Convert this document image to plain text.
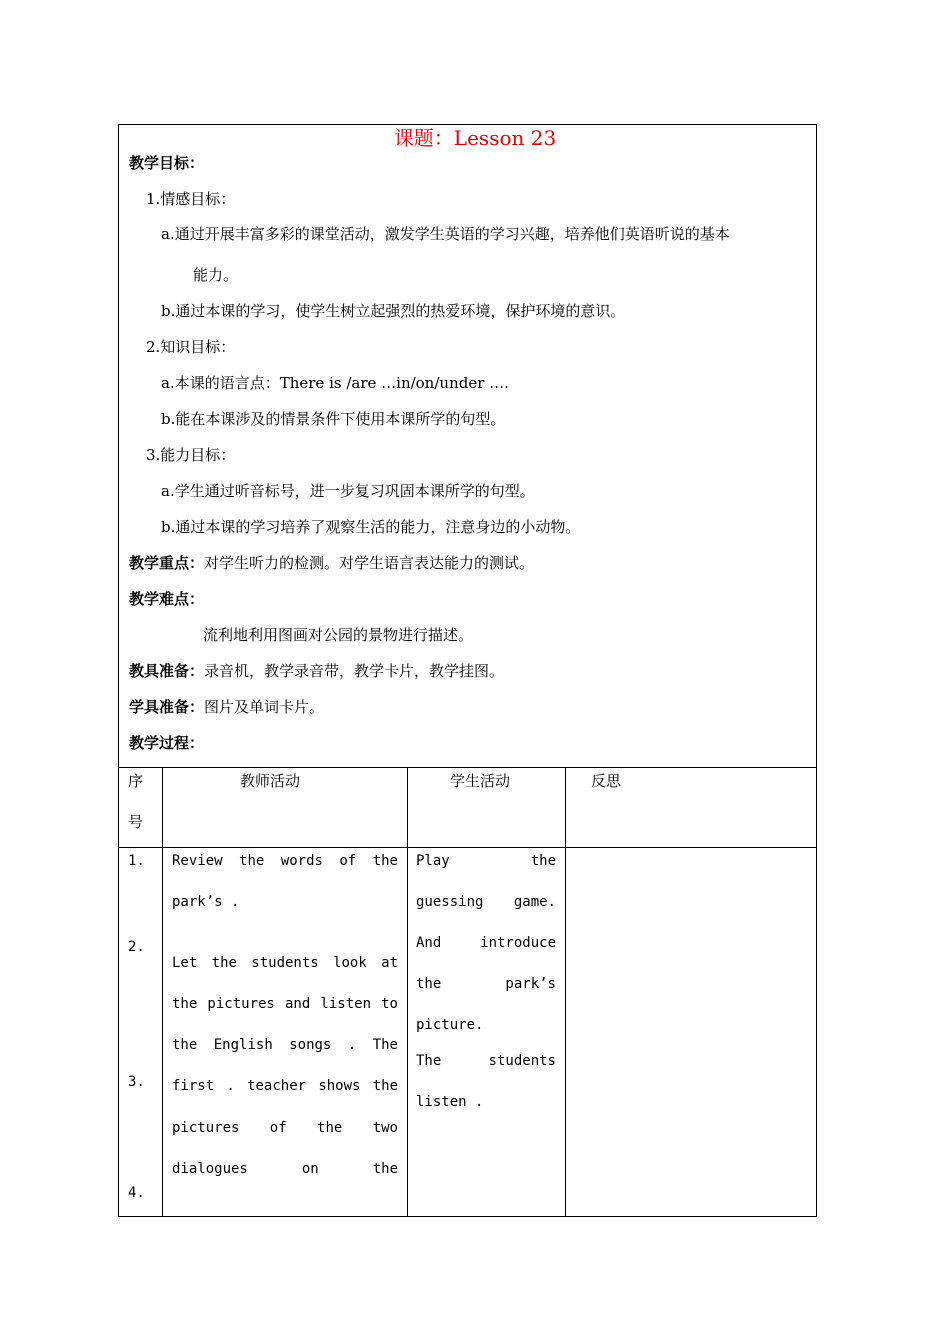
课题：Lesson 23
教学目标：
1.情感目标：
a.通过开展丰富多彩的课堂活动，激发学生英语的学习兴趣，培养他们英语听说的基本
能力。
b.通过本课的学习，使学生树立起强烈的热爱环境，保护环境的意识。
2.知识目标：
a.本课的语言点：There is /are …in/on/under ….
b.能在本课涉及的情景条件下使用本课所学的句型。
3.能力目标：
a.学生通过听音标号，进一步复习巩固本课所学的句型。
b.通过本课的学习培养了观察生活的能力，注意身边的小动物。
教学重点：对学生听力的检测。对学生语言表达能力的测试。
教学难点：
流利地利用图画对公园的景物进行描述。
教具准备：录音机，教学录音带，教学卡片，教学挂图。
学具准备：图片及单词卡片。
教学过程：
序
号
教师活动	学生活动	反思
1.
2.
3.
4.
Review the words of the
park’s .
Let the students look at
the pictures and listen to
the English songs . The
first . teacher shows the
pictures of the two
dialogues on the
Play the
guessing game.
And introduce
the park’s
picture.
The students
listen .
